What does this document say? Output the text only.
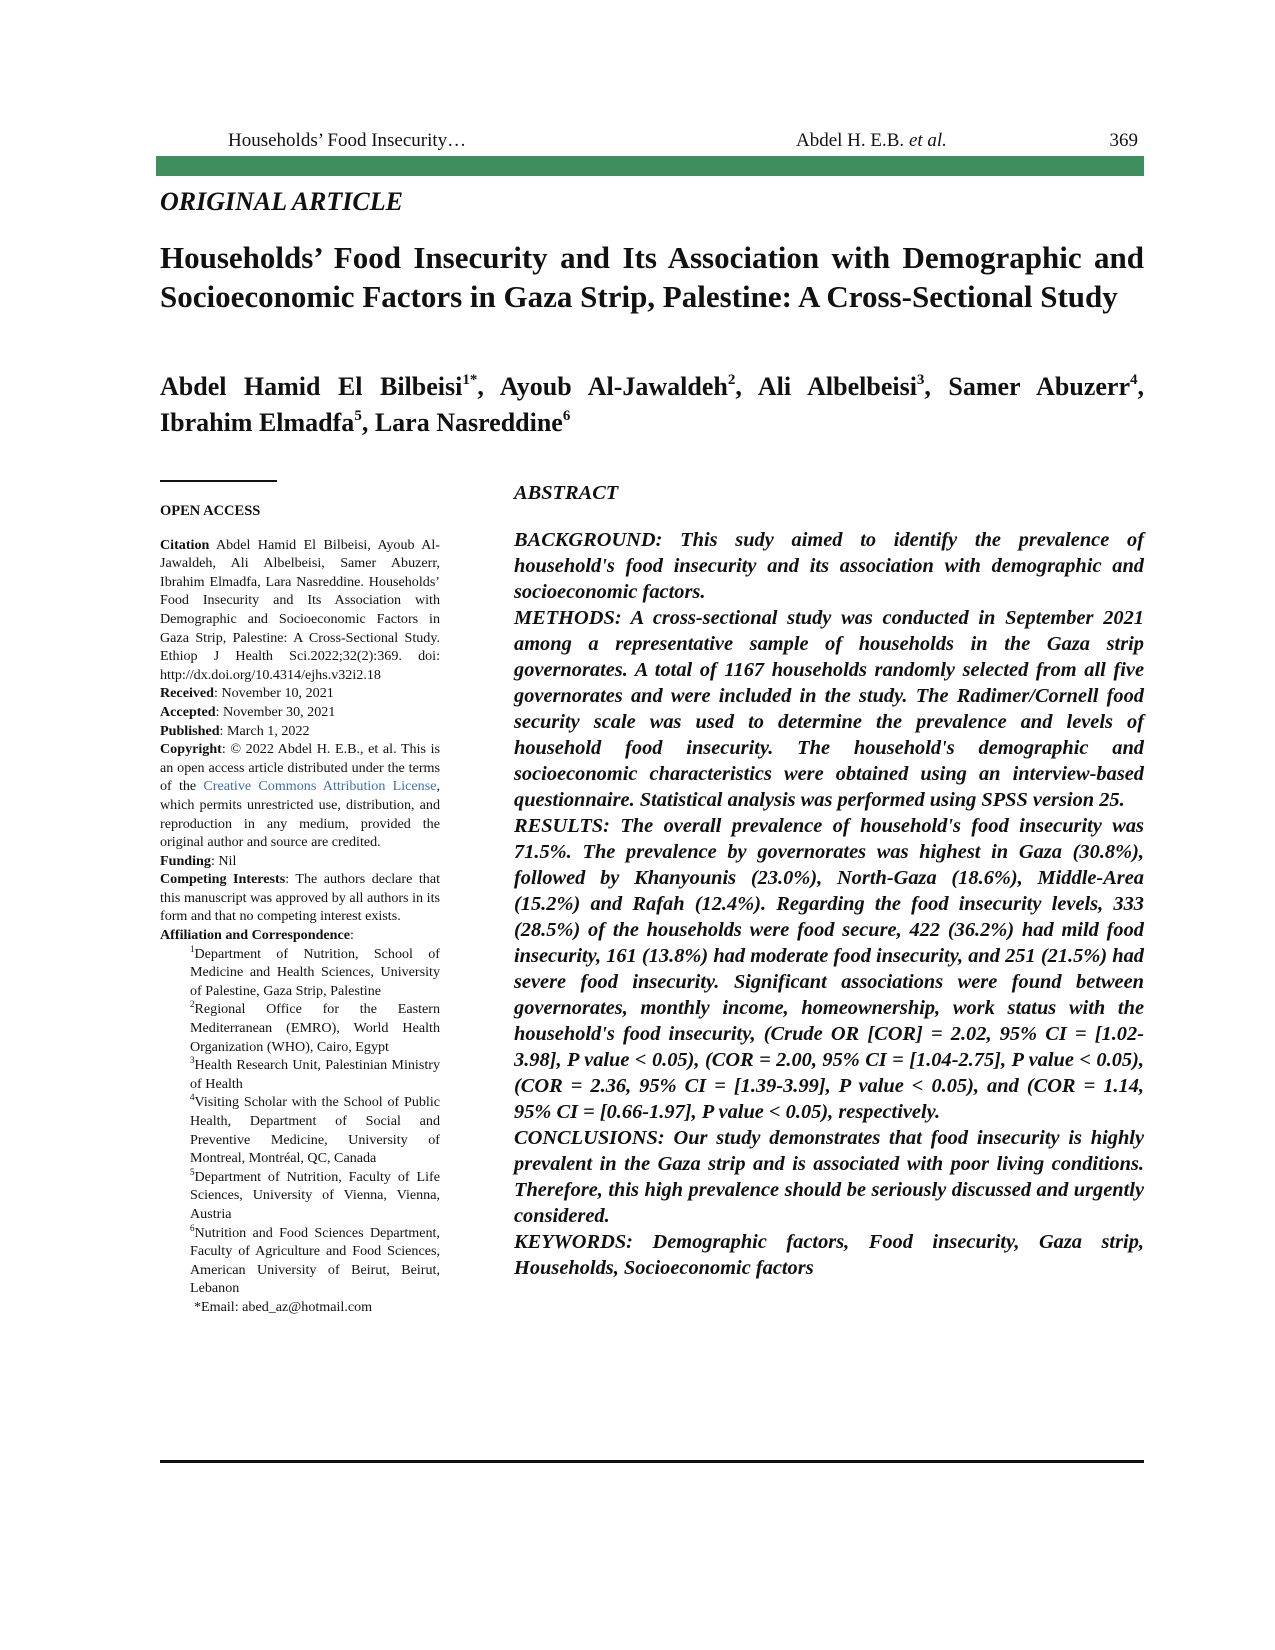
Households’ Food Insecurity…	Abdel H. E.B. et al.	369
ORIGINAL ARTICLE
Households’ Food Insecurity and Its Association with Demographic and Socioeconomic Factors in Gaza Strip, Palestine: A Cross-Sectional Study
Abdel Hamid El Bilbeisi$^{1*}$, Ayoub Al-Jawaldeh$^2$, Ali Albelbeisi$^3$, Samer Abuzerr$^4$, Ibrahim Elmadfa$^5$, Lara Nasreddine$^6$
OPEN ACCESS

Citation Abdel Hamid El Bilbeisi, Ayoub Al-Jawaldeh, Ali Albelbeisi, Samer Abuzerr, Ibrahim Elmadfa, Lara Nasreddine. Households’ Food Insecurity and Its Association with Demographic and Socioeconomic Factors in Gaza Strip, Palestine: A Cross-Sectional Study. Ethiop J Health Sci.2022;32(2):369. doi: http://dx.doi.org/10.4314/ejhs.v32i2.18

Received: November 10, 2021

Accepted: November 30, 2021

Published: March 1, 2022

Copyright: © 2022 Abdel H. E.B., et al. This is an open access article distributed under the terms of the Creative Commons Attribution License, which permits unrestricted use, distribution, and reproduction in any medium, provided the original author and source are credited.

Funding: Nil

Competing Interests: The authors declare that this manuscript was approved by all authors in its form and that no competing interest exists.

Affiliation and Correspondence:

$^1$Department of Nutrition, School of Medicine and Health Sciences, University of Palestine, Gaza Strip, Palestine

$^2$Regional Office for the Eastern Mediterranean (EMRO), World Health Organization (WHO), Cairo, Egypt

$^3$Health Research Unit, Palestinian Ministry of Health

$^4$Visiting Scholar with the School of Public Health, Department of Social and Preventive Medicine, University of Montreal, Montréal, QC, Canada

$^5$Department of Nutrition, Faculty of Life Sciences, University of Vienna, Vienna, Austria

$^6$Nutrition and Food Sciences Department, Faculty of Agriculture and Food Sciences, American University of Beirut, Beirut, Lebanon

*Email: abed_az@hotmail.com

ABSTRACT

BACKGROUND: This sudy aimed to identify the prevalence of household's food insecurity and its association with demographic and socioeconomic factors.

METHODS: A cross-sectional study was conducted in September 2021 among a representative sample of households in the Gaza strip governorates. A total of 1167 households randomly selected from all five governorates and were included in the study. The Radimer/Cornell food security scale was used to determine the prevalence and levels of household food insecurity. The household's demographic and socioeconomic characteristics were obtained using an interview-based questionnaire. Statistical analysis was performed using SPSS version 25.

RESULTS: The overall prevalence of household's food insecurity was 71.5%. The prevalence by governorates was highest in Gaza (30.8%), followed by Khanyounis (23.0%), North-Gaza (18.6%), Middle-Area (15.2%) and Rafah (12.4%). Regarding the food insecurity levels, 333 (28.5%) of the households were food secure, 422 (36.2%) had mild food insecurity, 161 (13.8%) had moderate food insecurity, and 251 (21.5%) had severe food insecurity. Significant associations were found between governorates, monthly income, homeownership, work status with the household's food insecurity, (Crude OR [COR] = 2.02, 95% CI = [1.02-3.98], P value < 0.05), (COR = 2.00, 95% CI = [1.04-2.75], P value < 0.05), (COR = 2.36, 95% CI = [1.39-3.99], P value < 0.05), and (COR = 1.14, 95% CI = [0.66-1.97], P value < 0.05), respectively.

CONCLUSIONS: Our study demonstrates that food insecurity is highly prevalent in the Gaza strip and is associated with poor living conditions. Therefore, this high prevalence should be seriously discussed and urgently considered.

KEYWORDS: Demographic factors, Food insecurity, Gaza strip, Households, Socioeconomic factors
